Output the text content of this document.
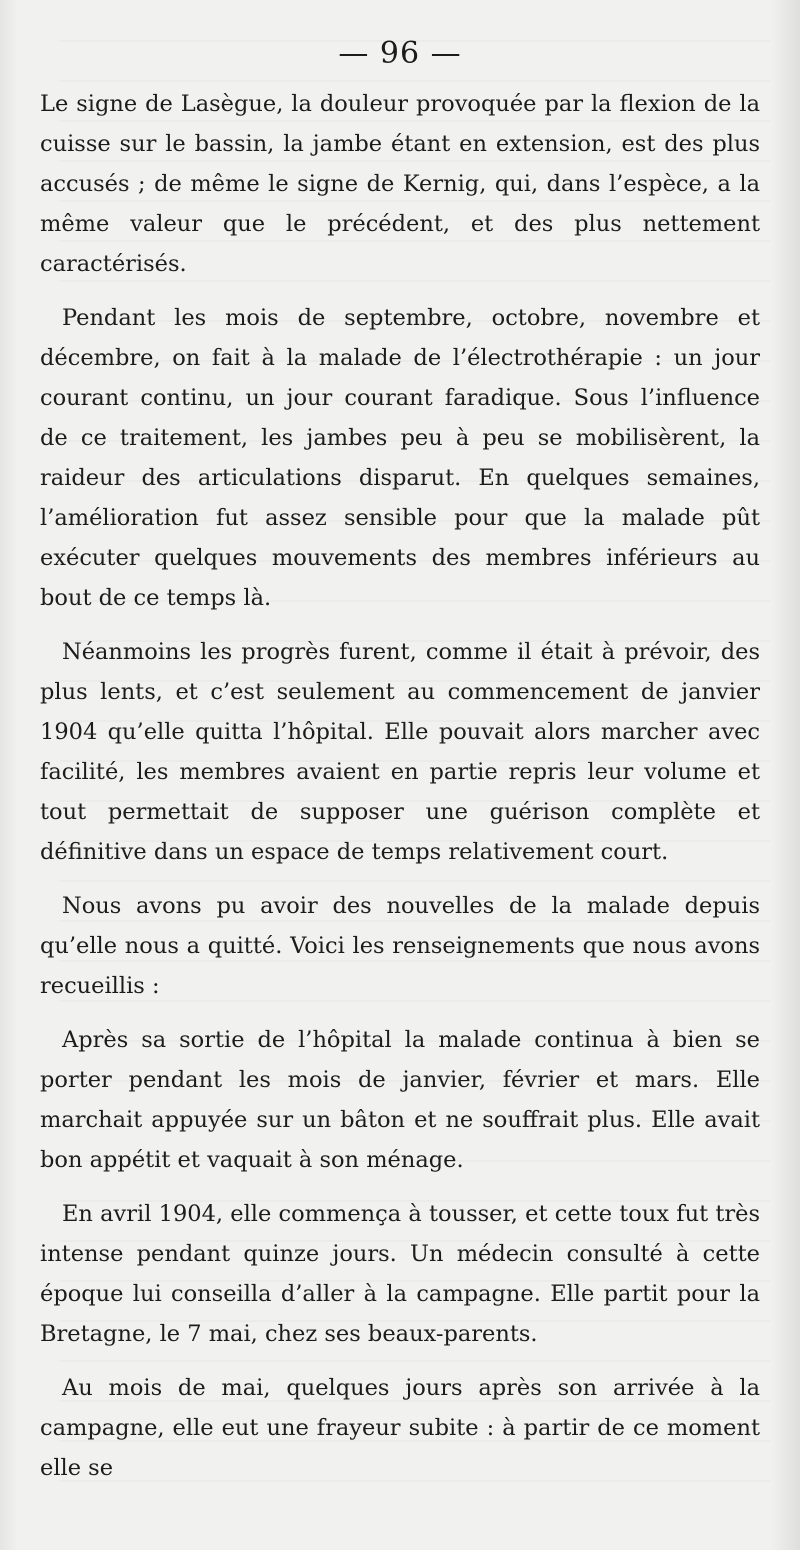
— 96 —

Le signe de Lasègue, la douleur provoquée par la flexion de la cuisse sur le bassin, la jambe étant en extension, est des plus accusés ; de même le signe de Kernig, qui, dans l’espèce, a la même valeur que le précédent, et des plus nettement caractérisés.

Pendant les mois de septembre, octobre, novembre et décembre, on fait à la malade de l’électrothérapie : un jour courant continu, un jour courant faradique. Sous l’influence de ce traitement, les jambes peu à peu se mobilisèrent, la raideur des articulations disparut. En quelques semaines, l’amélioration fut assez sensible pour que la malade pût exécuter quelques mouvements des membres inférieurs au bout de ce temps là.

Néanmoins les progrès furent, comme il était à prévoir, des plus lents, et c’est seulement au commencement de janvier 1904 qu’elle quitta l’hôpital. Elle pouvait alors marcher avec facilité, les membres avaient en partie repris leur volume et tout permettait de supposer une guérison complète et définitive dans un espace de temps relativement court.

Nous avons pu avoir des nouvelles de la malade depuis qu’elle nous a quitté. Voici les renseignements que nous avons recueillis :

Après sa sortie de l’hôpital la malade continua à bien se porter pendant les mois de janvier, février et mars. Elle marchait appuyée sur un bâton et ne souffrait plus. Elle avait bon appétit et vaquait à son ménage.

En avril 1904, elle commença à tousser, et cette toux fut très intense pendant quinze jours. Un médecin consulté à cette époque lui conseilla d’aller à la campagne. Elle partit pour la Bretagne, le 7 mai, chez ses beaux-parents.

Au mois de mai, quelques jours après son arrivée à la campagne, elle eut une frayeur subite : à partir de ce moment elle se
